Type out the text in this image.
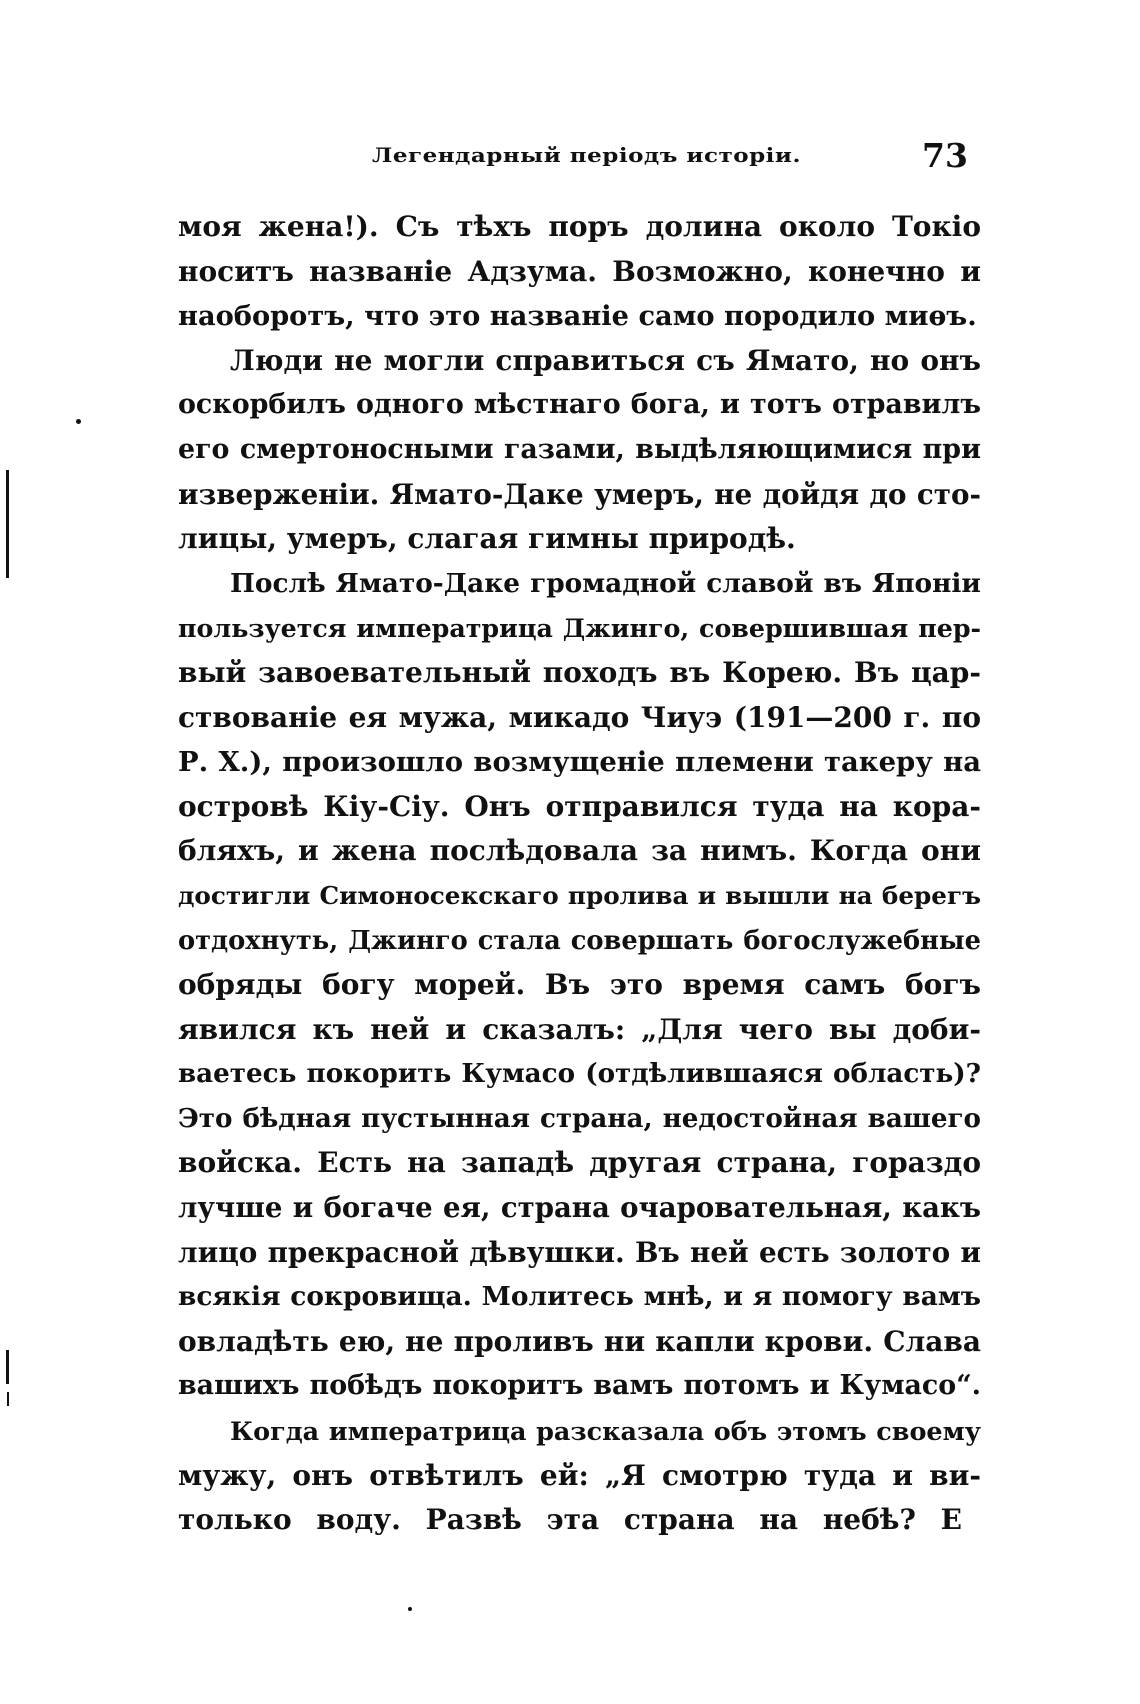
Легендарный періодъ исторіи.	73
моя жена!). Съ тѣхъ поръ долина около Токіо
носитъ названіе Адзума. Возможно, конечно и
наоборотъ, что это названіе само породило миѳъ.
Люди не могли справиться съ Ямато, но онъ
оскорбилъ одного мѣстнаго бога, и тотъ отравилъ
его смертоносными газами, выдѣляющимися при
изверженіи. Ямато-Даке умеръ, не дойдя до сто-
лицы, умеръ, слагая гимны природѣ.
Послѣ Ямато-Даке громадной славой въ Японіи
пользуется императрица Джинго, совершившая пер-
вый завоевательный походъ въ Корею. Въ цар-
ствованіе ея мужа, микадо Чиуэ (191—200 г. по
Р. Х.), произошло возмущеніе племени такеру на
островѣ Кіу-Сіу. Онъ отправился туда на кора-
бляхъ, и жена послѣдовала за нимъ. Когда они
достигли Симоносекскаго пролива и вышли на берегъ
отдохнуть, Джинго стала совершать богослужебные
обряды богу морей. Въ это время самъ богъ
явился къ ней и сказалъ: „Для чего вы доби-
ваетесь покорить Кумасо (отдѣлившаяся область)?
Это бѣдная пустынная страна, недостойная вашего
войска. Есть на западѣ другая страна, гораздо
лучше и богаче ея, страна очаровательная, какъ
лицо прекрасной дѣвушки. Въ ней есть золото и
всякія сокровища. Молитесь мнѣ, и я помогу вамъ
овладѣть ею, не проливъ ни капли крови. Слава
вашихъ побѣдъ покоритъ вамъ потомъ и Кумасо“.
Когда императрица разсказала объ этомъ своему
мужу, онъ отвѣтилъ ей: „Я смотрю туда и ви-
только воду. Развѣ эта страна на небѣ? Е
